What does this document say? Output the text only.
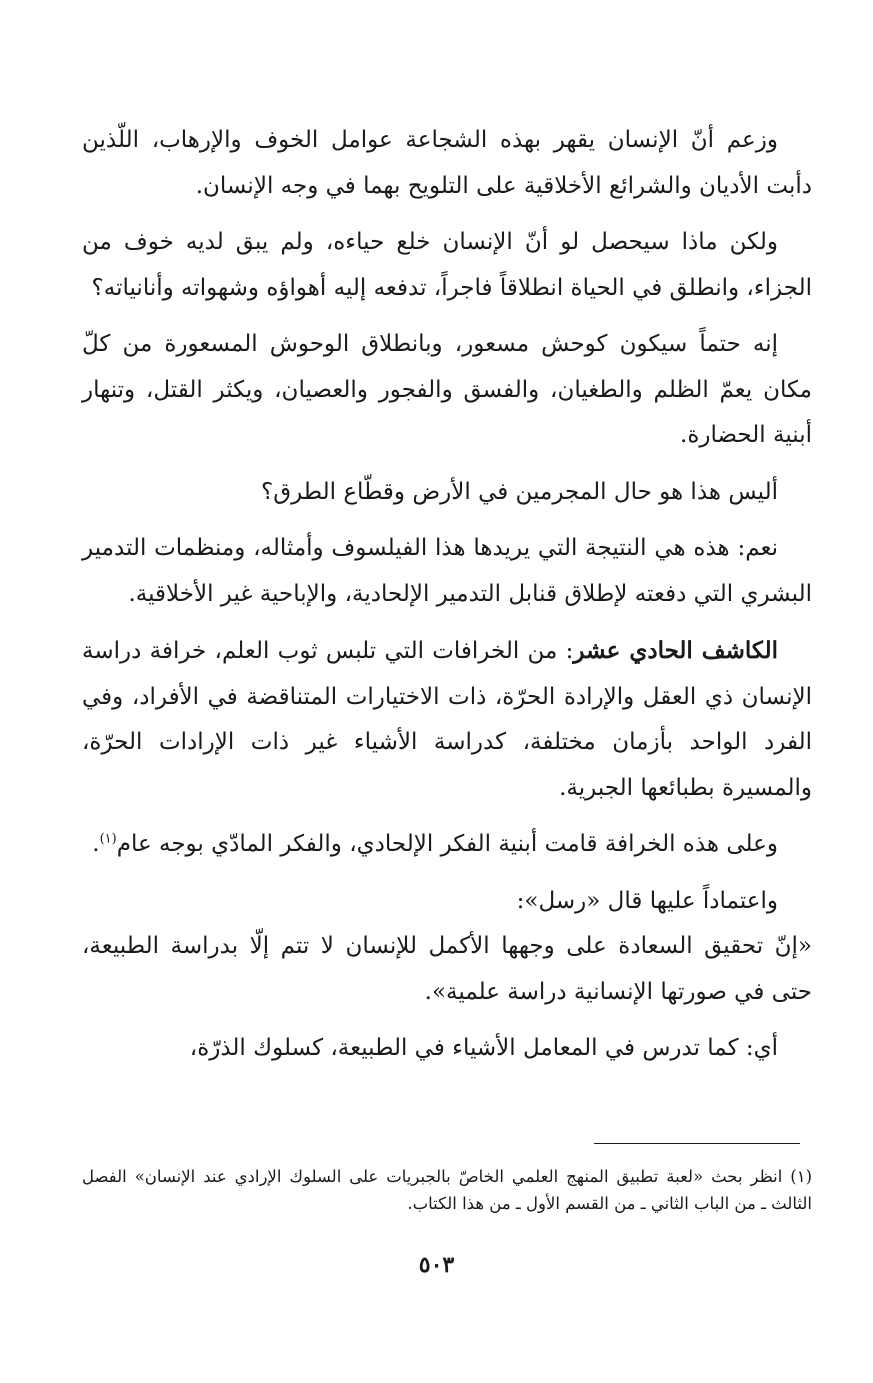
وزعم أنّ الإنسان يقهر بهذه الشجاعة عوامل الخوف والإرهاب، اللّذين دأبت الأديان والشرائع الأخلاقية على التلويح بهما في وجه الإنسان.

ولكن ماذا سيحصل لو أنّ الإنسان خلع حياءه، ولم يبق لديه خوف من الجزاء، وانطلق في الحياة انطلاقاً فاجراً، تدفعه إليه أهواؤه وشهواته وأنانياته؟

إنه حتماً سيكون كوحش مسعور، وبانطلاق الوحوش المسعورة من كلّ مكان يعمّ الظلم والطغيان، والفسق والفجور والعصيان، ويكثر القتل، وتنهار أبنية الحضارة.

أليس هذا هو حال المجرمين في الأرض وقطّاع الطرق؟

نعم: هذه هي النتيجة التي يريدها هذا الفيلسوف وأمثاله، ومنظمات التدمير البشري التي دفعته لإطلاق قنابل التدمير الإلحادية، والإباحية غير الأخلاقية.

الكاشف الحادي عشر: من الخرافات التي تلبس ثوب العلم، خرافة دراسة الإنسان ذي العقل والإرادة الحرّة، ذات الاختيارات المتناقضة في الأفراد، وفي الفرد الواحد بأزمان مختلفة، كدراسة الأشياء غير ذات الإرادات الحرّة، والمسيرة بطبائعها الجبرية.

وعلى هذه الخرافة قامت أبنية الفكر الإلحادي، والفكر المادّي بوجه عام$^{(١)}$.

واعتماداً عليها قال «رسل»:

«إنّ تحقيق السعادة على وجهها الأكمل للإنسان لا تتم إلّا بدراسة الطبيعة، حتى في صورتها الإنسانية دراسة علمية».

أي: كما تدرس في المعامل الأشياء في الطبيعة، كسلوك الذرّة،

(١) انظر بحث «لعبة تطبيق المنهج العلمي الخاصّ بالجبريات على السلوك الإرادي عند الإنسان» الفصل الثالث ـ من الباب الثاني ـ من القسم الأول ـ من هذا الكتاب.

٥٠٣
